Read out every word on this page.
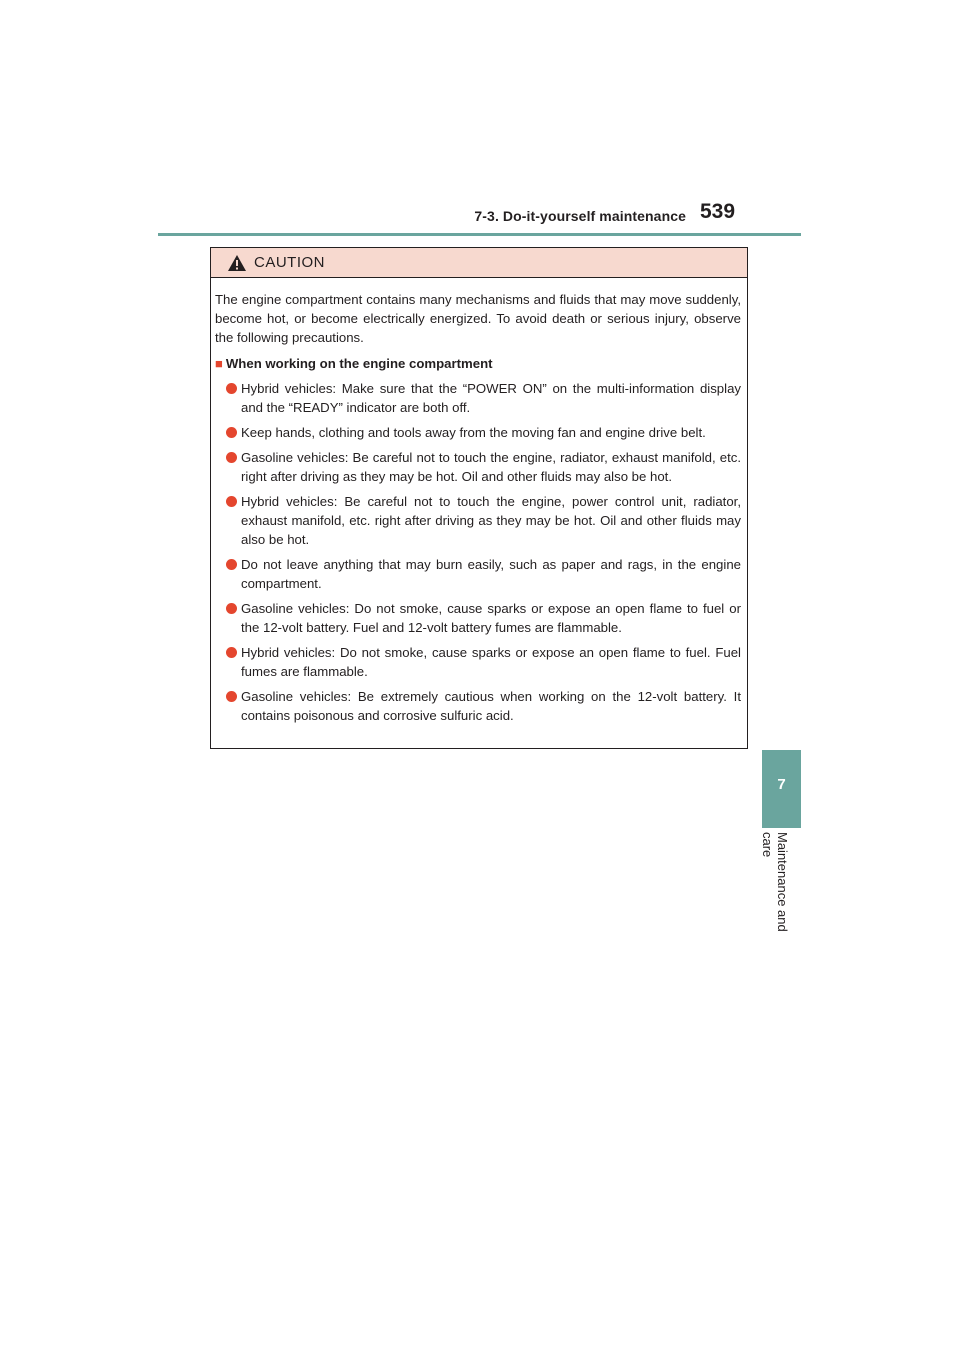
7-3. Do-it-yourself maintenance 539
7
Maintenance and care
CAUTION

The engine compartment contains many mechanisms and fluids that may move suddenly, become hot, or become electrically energized. To avoid death or serious injury, observe the following precautions.

■ When working on the engine compartment
Hybrid vehicles: Make sure that the “POWER ON” on the multi-information display and the “READY” indicator are both off.
Keep hands, clothing and tools away from the moving fan and engine drive belt.
Gasoline vehicles: Be careful not to touch the engine, radiator, exhaust manifold, etc. right after driving as they may be hot. Oil and other fluids may also be hot.
Hybrid vehicles: Be careful not to touch the engine, power control unit, radiator, exhaust manifold, etc. right after driving as they may be hot. Oil and other fluids may also be hot.
Do not leave anything that may burn easily, such as paper and rags, in the engine compartment.
Gasoline vehicles: Do not smoke, cause sparks or expose an open flame to fuel or the 12-volt battery. Fuel and 12-volt battery fumes are flammable.
Hybrid vehicles: Do not smoke, cause sparks or expose an open flame to fuel. Fuel fumes are flammable.
Gasoline vehicles: Be extremely cautious when working on the 12-volt battery. It contains poisonous and corrosive sulfuric acid.
